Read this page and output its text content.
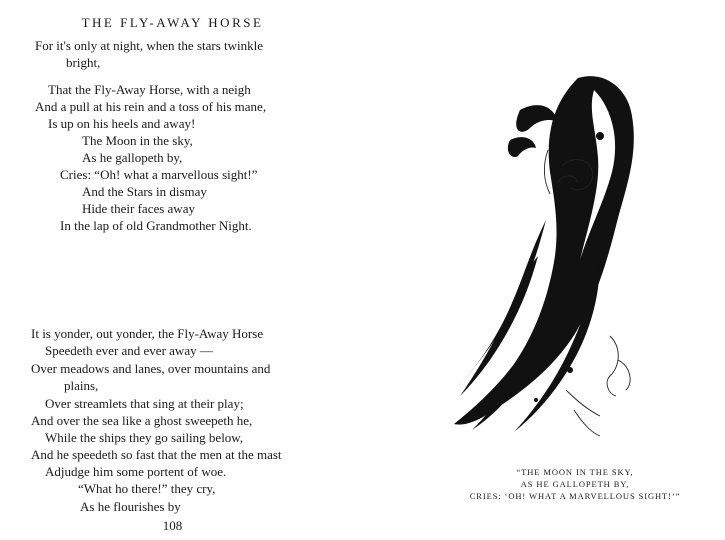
THE FLY-AWAY HORSE
For it's only at night, when the stars twinkle
bright,
That the Fly-Away Horse, with a neigh
And a pull at his rein and a toss of his mane,
Is up on his heels and away!
The Moon in the sky,
As he gallopeth by,
Cries: “Oh! what a marvellous sight!”
And the Stars in dismay
Hide their faces away
In the lap of old Grandmother Night.
It is yonder, out yonder, the Fly-Away Horse
Speedeth ever and ever away —
Over meadows and lanes, over mountains and
plains,
Over streamlets that sing at their play;
And over the sea like a ghost sweepeth he,
While the ships they go sailing below,
And he speedeth so fast that the men at the mast
Adjudge him some portent of woe.
“What ho there!” they cry,
As he flourishes by
108
“THE MOON IN THE SKY,
AS HE GALLOPETH BY,
CRIES: ‘OH! WHAT A MARVELLOUS SIGHT!’”
